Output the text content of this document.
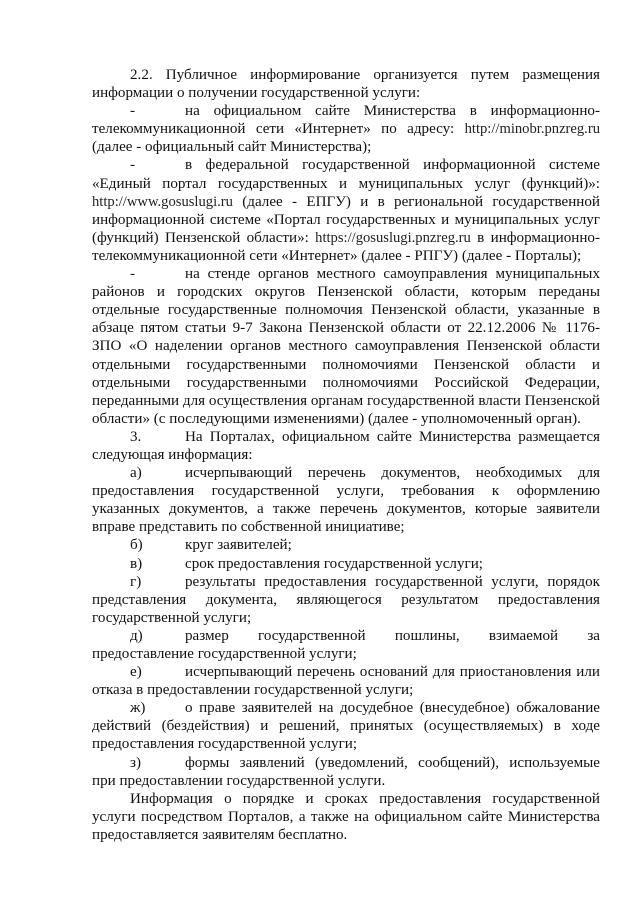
2.2. Публичное информирование организуется путем размещения информации о получении государственной услуги:

-	на официальном сайте Министерства в информационно-телекоммуникационной сети «Интернет» по адресу: http://minobr.pnzreg.ru (далее - официальный сайт Министерства);

-	в федеральной государственной информационной системе «Единый портал государственных и муниципальных услуг (функций)»: http://www.gosuslugi.ru (далее - ЕПГУ) и в региональной государственной информационной системе «Портал государственных и муниципальных услуг (функций) Пензенской области»: https://gosuslugi.pnzreg.ru в информационно-телекоммуникационной сети «Интернет» (далее - РПГУ) (далее - Порталы);

-	на стенде органов местного самоуправления муниципальных районов и городских округов Пензенской области, которым переданы отдельные государственные полномочия Пензенской области, указанные в абзаце пятом статьи 9-7 Закона Пензенской области от 22.12.2006 № 1176-ЗПО «О наделении органов местного самоуправления Пензенской области отдельными государственными полномочиями Пензенской области и отдельными государственными полномочиями Российской Федерации, переданными для осуществления органам государственной власти Пензенской области» (с последующими изменениями) (далее - уполномоченный орган).

3.	На Порталах, официальном сайте Министерства размещается следующая информация:

а)	исчерпывающий перечень документов, необходимых для предоставления государственной услуги, требования к оформлению указанных документов, а также перечень документов, которые заявители вправе представить по собственной инициативе;

б)	круг заявителей;

в)	срок предоставления государственной услуги;

г)	результаты предоставления государственной услуги, порядок представления документа, являющегося результатом предоставления государственной услуги;

д)	размер государственной пошлины, взимаемой за предоставление государственной услуги;

е)	исчерпывающий перечень оснований для приостановления или отказа в предоставлении государственной услуги;

ж)	о праве заявителей на досудебное (внесудебное) обжалование действий (бездействия) и решений, принятых (осуществляемых) в ходе предоставления государственной услуги;

з)	формы заявлений (уведомлений, сообщений), используемые при предоставлении государственной услуги.

Информация о порядке и сроках предоставления государственной услуги посредством Порталов, а также на официальном сайте Министерства предоставляется заявителям бесплатно.
